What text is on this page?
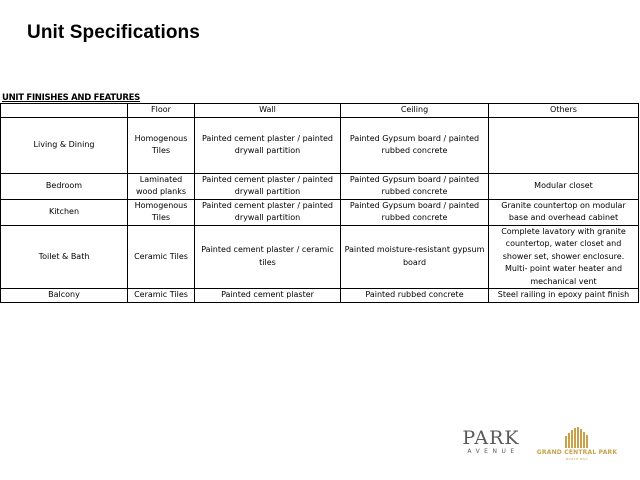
Unit Specifications
UNIT FINISHES AND FEATURES
	Floor	Wall	Ceiling	Others
Living & Dining	Homogenous Tiles	Painted cement plaster / painted drywall partition	Painted Gypsum board / painted rubbed concrete	
Bedroom	Laminated wood planks	Painted cement plaster / painted drywall partition	Painted Gypsum board / painted rubbed concrete	Modular closet
Kitchen	Homogenous Tiles	Painted cement plaster / painted drywall partition	Painted Gypsum board / painted rubbed concrete	Granite countertop on modular base and overhead cabinet
Toilet & Bath	Ceramic Tiles	Painted cement plaster / ceramic tiles	Painted moisture-resistant gypsum board	Complete lavatory with granite countertop, water closet and shower set, shower enclosure. Multi- point water heater and mechanical vent
Balcony	Ceramic Tiles	Painted cement plaster	Painted rubbed concrete	Steel railing in epoxy paint finish
PARK
AVENUE	GRAND CENTRAL PARK
NORTH BGC
